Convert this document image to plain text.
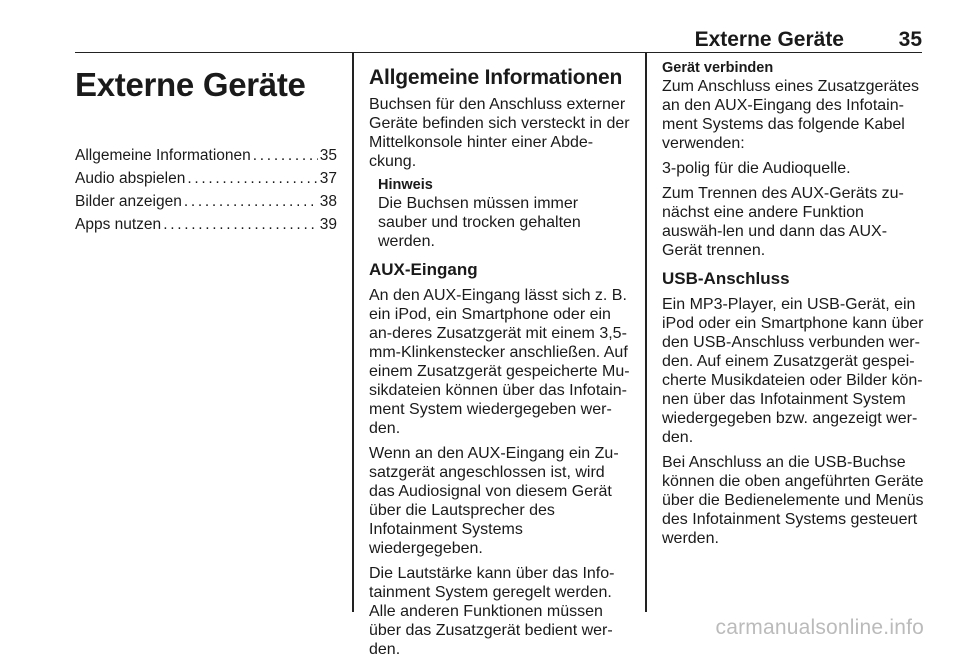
Externe Geräte	35
Externe Geräte
Allgemeine Informationen . . .	35
Audio abspielen . . .	37
Bilder anzeigen . . .	38
Apps nutzen . . .	39
Allgemeine Informationen

Buchsen für den Anschluss externer Geräte befinden sich versteckt in der Mittelkonsole hinter einer Abde-ckung.

Hinweis
Die Buchsen müssen immer sauber und trocken gehalten werden.
AUX-Eingang

An den AUX-Eingang lässt sich z. B. ein iPod, ein Smartphone oder ein an-deres Zusatzgerät mit einem 3,5-mm-Klinkenstecker anschließen. Auf einem Zusatzgerät gespeicherte Mu-sikdateien können über das Infotain-ment System wiedergegeben wer-den.

Wenn an den AUX-Eingang ein Zu-satzgerät angeschlossen ist, wird das Audiosignal von diesem Gerät über die Lautsprecher des Infotainment Systems wiedergegeben.

Die Lautstärke kann über das Info-tainment System geregelt werden. Alle anderen Funktionen müssen über das Zusatzgerät bedient wer-den.

Gerät verbinden

Zum Anschluss eines Zusatzgerätes an den AUX-Eingang des Infotain-ment Systems das folgende Kabel verwenden:

3-polig für die Audioquelle.

Zum Trennen des AUX-Geräts zu-nächst eine andere Funktion auswäh-len und dann das AUX-Gerät trennen.

USB-Anschluss

Ein MP3-Player, ein USB-Gerät, ein iPod oder ein Smartphone kann über den USB-Anschluss verbunden wer-den. Auf einem Zusatzgerät gespei-cherte Musikdateien oder Bilder kön-nen über das Infotainment System wiedergegeben bzw. angezeigt wer-den.

Bei Anschluss an die USB-Buchse können die oben angeführten Geräte über die Bedienelemente und Menüs des Infotainment Systems gesteuert werden.

carmanualsonline.info
